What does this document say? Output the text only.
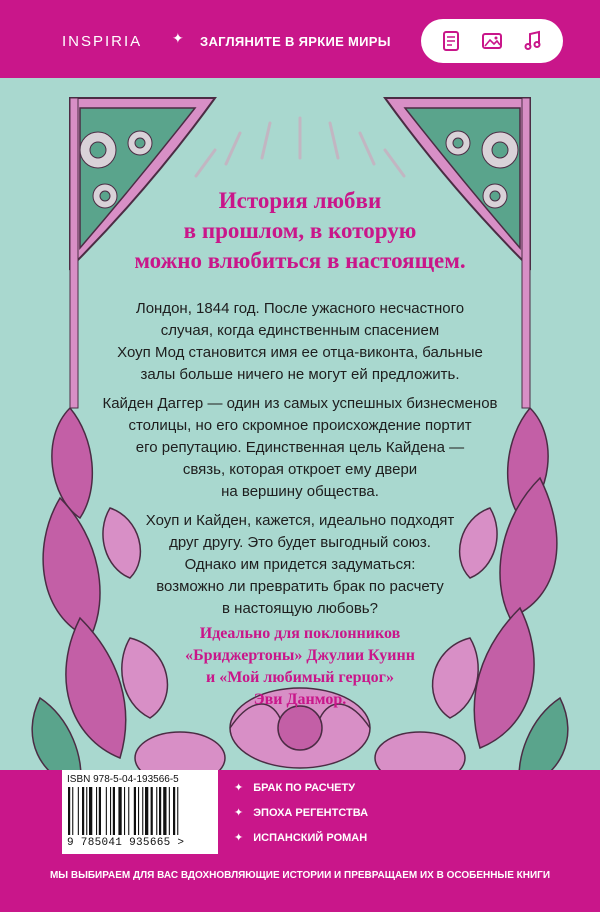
INSPIRIA ✦ ЗАГЛЯНИТЕ В ЯРКИЕ МИРЫ
История любви
в прошлом, в которую
можно влюбиться в настоящем.
Лондон, 1844 год. После ужасного несчастного
случая, когда единственным спасением
Хоуп Мод становится имя ее отца-виконта, бальные
залы больше ничего не могут ей предложить.
Кайден Даггер — один из самых успешных бизнесменов
столицы, но его скромное происхождение портит
его репутацию. Единственная цель Кайдена —
связь, которая откроет ему двери
на вершину общества.
Хоуп и Кайден, кажется, идеально подходят
друг другу. Это будет выгодный союз.
Однако им придется задуматься:
возможно ли превратить брак по расчету
в настоящую любовь?
Идеально для поклонников
«Бриджертоны» Джулии Куинн
и «Мой любимый герцог»
Эви Данмор.
ISBN 978-5-04-193566-5
9 785041 935665 >
✦ БРАК ПО РАСЧЕТУ
✦ ЭПОХА РЕГЕНТСТВА
✦ ИСПАНСКИЙ РОМАН
МЫ ВЫБИРАЕМ ДЛЯ ВАС ВДОХНОВЛЯЮЩИЕ ИСТОРИИ И ПРЕВРАЩАЕМ ИХ В ОСОБЕННЫЕ КНИГИ
